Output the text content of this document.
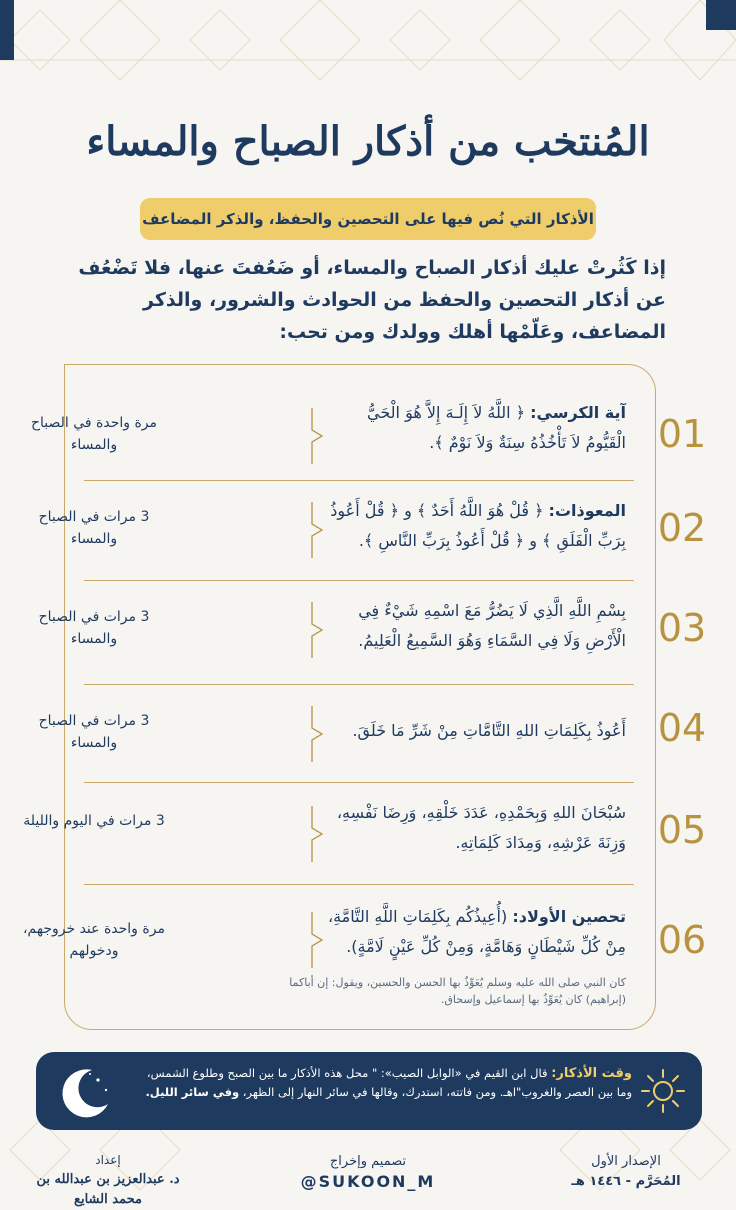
المُنتخب من أذكار الصباح والمساء
الأذكار التي نُص فيها على التحصين والحفظ، والذكر المضاعف
إذا كَثُرتْ عليك أذكار الصباح والمساء، أو ضَعُفتَ عنها، فلا تَضْعُف عن أذكار التحصين والحفظ من الحوادث والشرور، والذكر المضاعف، وعَلّمْها أهلك وولدك ومن تحب:
01
آية الكرسي: ﴿ اللَّهُ لاَ إِلَـهَ إِلاَّ هُوَ الْحَيُّ الْقَيُّومُ لاَ تَأْخُذُهُ سِنَةٌ وَلاَ نَوْمٌ ﴾.
مرة واحدة في الصباح والمساء
02
المعوذات: ﴿ قُلْ هُوَ اللَّهُ أَحَدٌ ﴾ و ﴿ قُلْ أَعُوذُ بِرَبِّ الْفَلَقِ ﴾ و ﴿ قُلْ أَعُوذُ بِرَبِّ النَّاسِ ﴾.
3 مرات في الصباح والمساء
03
بِسْمِ اللَّهِ الَّذِي لَا يَضُرُّ مَعَ اسْمِهِ شَيْءٌ فِي الْأَرْضِ وَلَا فِي السَّمَاءِ وَهُوَ السَّمِيعُ الْعَلِيمُ.
3 مرات في الصباح والمساء
04
أَعُوذُ بِكَلِمَاتِ اللهِ التَّامَّاتِ مِنْ شَرِّ مَا خَلَقَ.
3 مرات في الصباح والمساء
05
سُبْحَانَ اللهِ وَبِحَمْدِهِ، عَدَدَ خَلْقِهِ، وَرِضَا نَفْسِهِ، وَزِنَةَ عَرْشِهِ، وَمِدَادَ كَلِمَاتِهِ.
3 مرات في اليوم والليلة
06
تحصين الأولاد: (أُعِيذُكُم بِكَلِمَاتِ اللَّهِ التَّامَّةِ، مِنْ كُلِّ شَيْطَانٍ وَهَامَّةٍ، وَمِنْ كُلِّ عَيْنٍ لَامَّةٍ).
كان النبي صلى الله عليه وسلم يُعَوِّذُ بها الحسن والحسين، ويقول: إن أباكما (إبراهيم) كان يُعَوِّذُ بها إسماعيل وإسحاق.
مرة واحدة عند خروجهم، ودخولهم
وقت الأذكار: قال ابن القيم في «الوابل الصيب»: " محل هذه الأذكار ما بين الصبح وطلوع الشمس، وما بين العصر والغروب"اهـ. ومن فاتته، استدرك، وقالها في سائر النهار إلى الظهر، وفي سائر الليل.
الإصدار الأول
المُحَرَّم - ١٤٤٦ هـ
تصميم وإخراج
@SUKOON_M
إعداد
د. عبدالعزيز بن عبدالله بن محمد الشايع
